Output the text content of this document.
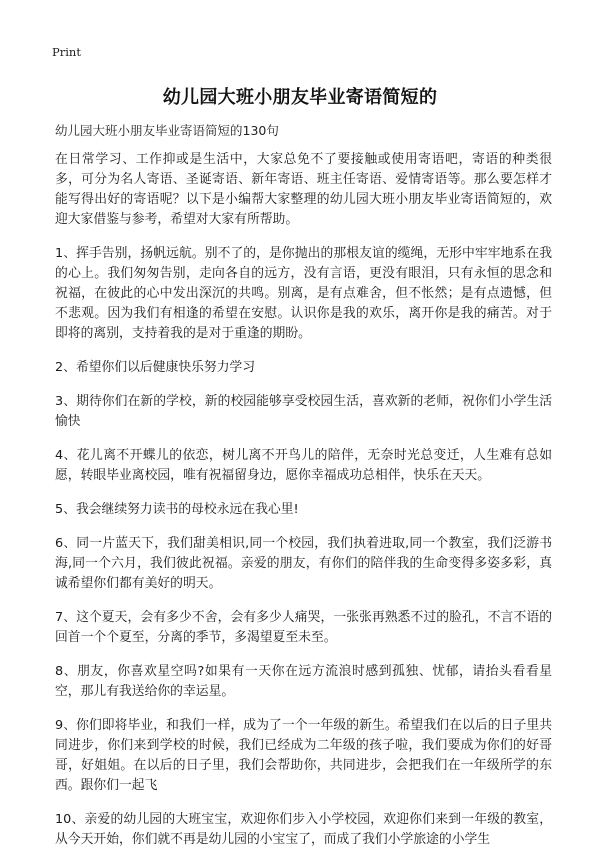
Print
幼儿园大班小朋友毕业寄语简短的
幼儿园大班小朋友毕业寄语简短的130句

在日常学习、工作抑或是生活中，大家总免不了要接触或使用寄语吧，寄语的种类很多，可分为名人寄语、圣诞寄语、新年寄语、班主任寄语、爱情寄语等。那么要怎样才能写得出好的寄语呢？以下是小编帮大家整理的幼儿园大班小朋友毕业寄语简短的，欢迎大家借鉴与参考，希望对大家有所帮助。

1、挥手告别，扬帆远航。别不了的，是你抛出的那根友谊的缆绳，无形中牢牢地系在我的心上。我们匆匆告别，走向各自的远方，没有言语，更没有眼泪，只有永恒的思念和祝福，在彼此的心中发出深沉的共鸣。别离，是有点难舍，但不怅然；是有点遗憾，但不悲观。因为我们有相逢的希望在安慰。认识你是我的欢乐，离开你是我的痛苦。对于即将的离别，支持着我的是对于重逢的期盼。

2、希望你们以后健康快乐努力学习

3、期待你们在新的学校，新的校园能够享受校园生活，喜欢新的老师，祝你们小学生活愉快

4、花儿离不开蝶儿的依恋，树儿离不开鸟儿的陪伴，无奈时光总变迁，人生难有总如愿，转眼毕业离校园，唯有祝福留身边，愿你幸福成功总相伴，快乐在天天。

5、我会继续努力读书的母校永远在我心里!

6、同一片蓝天下，我们甜美相识,同一个校园，我们执着进取,同一个教室，我们泛游书海,同一个六月，我们彼此祝福。亲爱的朋友，有你们的陪伴我的生命变得多姿多彩，真诚希望你们都有美好的明天。

7、这个夏天，会有多少不舍，会有多少人痛哭，一张张再熟悉不过的脸孔，不言不语的回首一个个夏至，分离的季节，多渴望夏至未至。

8、朋友，你喜欢星空吗?如果有一天你在远方流浪时感到孤独、忧郁，请抬头看看星空，那儿有我送给你的幸运星。

9、你们即将毕业，和我们一样，成为了一个一年级的新生。希望我们在以后的日子里共同进步，你们来到学校的时候，我们已经成为二年级的孩子啦，我们要成为你们的好哥哥，好姐姐。在以后的日子里，我们会帮助你，共同进步，会把我们在一年级所学的东西。跟你们一起飞

10、亲爱的幼儿园的大班宝宝，欢迎你们步入小学校园，欢迎你们来到一年级的教室，从今天开始，你们就不再是幼儿园的小宝宝了，而成了我们小学旅途的小学生
